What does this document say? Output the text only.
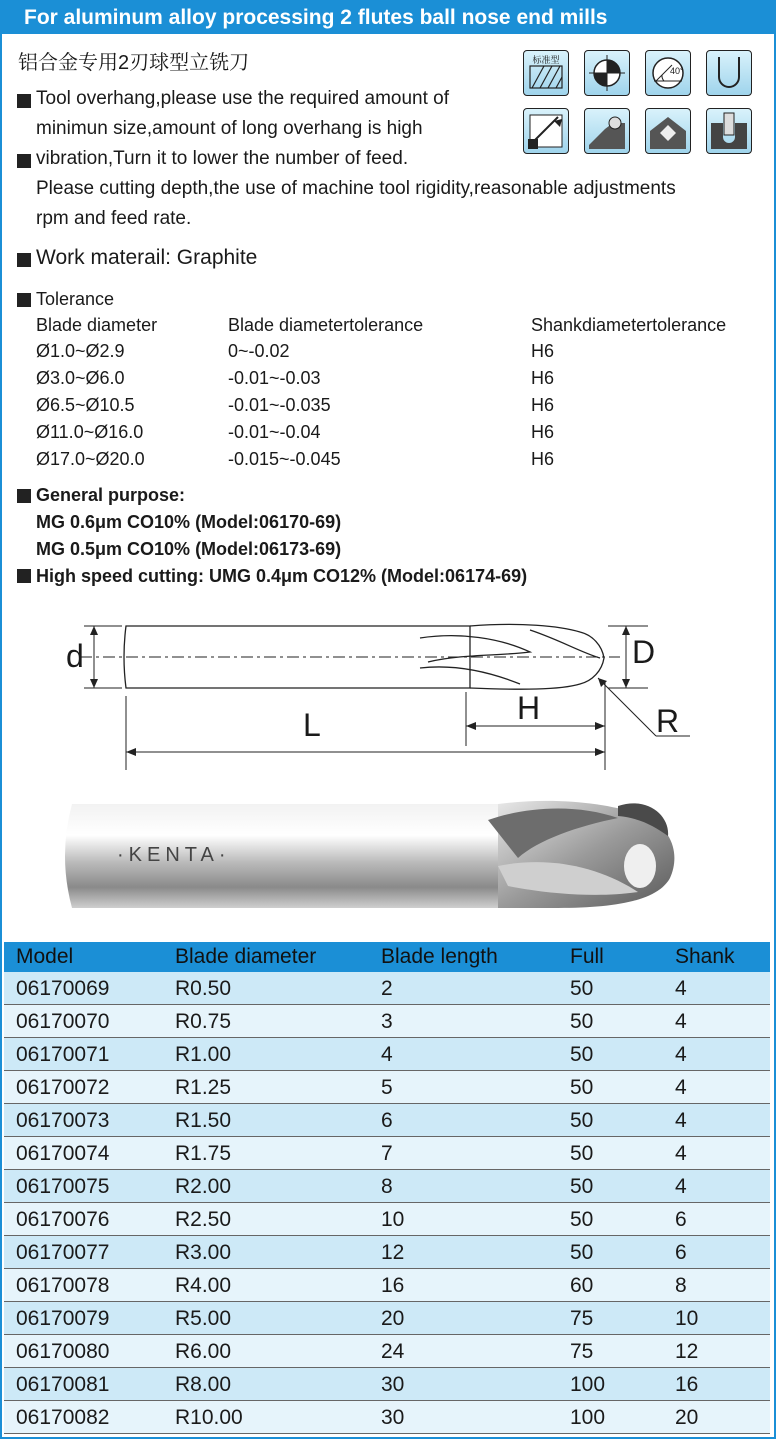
For aluminum alloy processing 2 flutes ball nose end mills
铝合金专用2刃球型立铣刀	标准型
40°
Tool overhang,please use the required amount of
minimun size,amount of long overhang is high
vibration,Turn it to lower the number of feed.
Please cutting depth,the use of machine tool rigidity,reasonable adjustments
rpm and feed rate.
Work materail: Graphite
Tolerance
Blade diameter	Blade diametertolerance	Shankdiametertolerance
Ø1.0~Ø2.9	0~-0.02	H6
Ø3.0~Ø6.0	-0.01~-0.03	H6
Ø6.5~Ø10.5	-0.01~-0.035	H6
Ø11.0~Ø16.0	-0.01~-0.04	H6
Ø17.0~Ø20.0	-0.015~-0.045	H6
General purpose:
MG 0.6μm CO10% (Model:06170-69)
MG 0.5μm CO10% (Model:06173-69)
High speed cutting: UMG 0.4μm CO12% (Model:06174-69)
d	D
L	H	R
·KENTA·
Model	Blade diameter	Blade length	Full	Shank
06170069	R0.50	2	50	4
06170070	R0.75	3	50	4
06170071	R1.00	4	50	4
06170072	R1.25	5	50	4
06170073	R1.50	6	50	4
06170074	R1.75	7	50	4
06170075	R2.00	8	50	4
06170076	R2.50	10	50	6
06170077	R3.00	12	50	6
06170078	R4.00	16	60	8
06170079	R5.00	20	75	10
06170080	R6.00	24	75	12
06170081	R8.00	30	100	16
06170082	R10.00	30	100	20
